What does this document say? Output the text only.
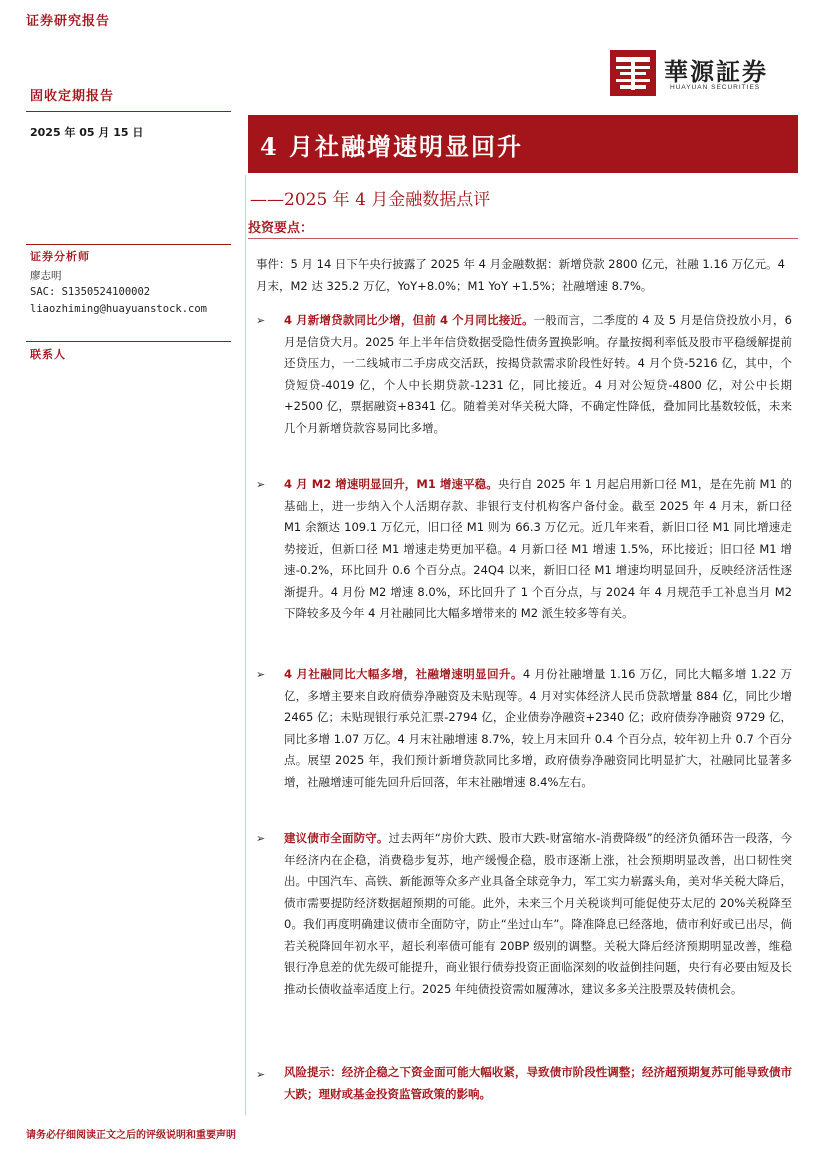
证券研究报告
華源証券
HUAYUAN SECURITIES
固收定期报告
2025 年 05 月 15 日	4 月社融增速明显回升
——2025 年 4 月金融数据点评
投资要点：
证券分析师
廖志明
SAC: S1350524100002
liaozhiming@huayuanstock.com
联系人
事件：5 月 14 日下午央行披露了 2025 年 4 月金融数据：新增贷款 2800 亿元，社融 1.16 万亿元。4 月末，M2 达 325.2 万亿，YoY+8.0%；M1 YoY +1.5%；社融增速 8.7%。
➢ 4 月新增贷款同比少增，但前 4 个月同比接近。一般而言，二季度的 4 及 5 月是信贷投放小月，6 月是信贷大月。2025 年上半年信贷数据受隐性债务置换影响。存量按揭利率低及股市平稳缓解提前还贷压力，一二线城市二手房成交活跃，按揭贷款需求阶段性好转。4 月个贷-5216 亿，其中，个贷短贷-4019 亿，个人中长期贷款-1231 亿，同比接近。4 月对公短贷-4800 亿，对公中长期+2500 亿，票据融资+8341 亿。随着美对华关税大降，不确定性降低，叠加同比基数较低，未来几个月新增贷款容易同比多增。
➢ 4 月 M2 增速明显回升，M1 增速平稳。央行自 2025 年 1 月起启用新口径 M1，是在先前 M1 的基础上，进一步纳入个人活期存款、非银行支付机构客户备付金。截至 2025 年 4 月末，新口径 M1 余额达 109.1 万亿元，旧口径 M1 则为 66.3 万亿元。近几年来看，新旧口径 M1 同比增速走势接近，但新口径 M1 增速走势更加平稳。4 月新口径 M1 增速 1.5%，环比接近；旧口径 M1 增速-0.2%，环比回升 0.6 个百分点。24Q4 以来，新旧口径 M1 增速均明显回升，反映经济活性逐渐提升。4 月份 M2 增速 8.0%，环比回升了 1 个百分点，与 2024 年 4 月规范手工补息当月 M2 下降较多及今年 4 月社融同比大幅多增带来的 M2 派生较多等有关。
➢ 4 月社融同比大幅多增，社融增速明显回升。4 月份社融增量 1.16 万亿，同比大幅多增 1.22 万亿，多增主要来自政府债券净融资及未贴现等。4 月对实体经济人民币贷款增量 884 亿，同比少增 2465 亿；未贴现银行承兑汇票-2794 亿，企业债券净融资+2340 亿；政府债券净融资 9729 亿，同比多增 1.07 万亿。4 月末社融增速 8.7%，较上月末回升 0.4 个百分点，较年初上升 0.7 个百分点。展望 2025 年，我们预计新增贷款同比多增，政府债券净融资同比明显扩大，社融同比显著多增，社融增速可能先回升后回落，年末社融增速 8.4%左右。
➢ 建议债市全面防守。过去两年“房价大跌、股市大跌-财富缩水-消费降级”的经济负循环告一段落，今年经济内在企稳，消费稳步复苏，地产缓慢企稳，股市逐渐上涨，社会预期明显改善，出口韧性突出。中国汽车、高铁、新能源等众多产业具备全球竞争力，军工实力崭露头角，美对华关税大降后，债市需要提防经济数据超预期的可能。此外，未来三个月关税谈判可能促使芬太尼的 20%关税降至 0。我们再度明确建议债市全面防守，防止“坐过山车”。降准降息已经落地，债市利好或已出尽，倘若关税降回年初水平，超长利率债可能有 20BP 级别的调整。关税大降后经济预期明显改善，维稳银行净息差的优先级可能提升，商业银行债券投资正面临深刻的收益倒挂问题，央行有必要由短及长推动长债收益率适度上行。2025 年纯债投资需如履薄冰，建议多多关注股票及转债机会。
➢ 风险提示：经济企稳之下资金面可能大幅收紧，导致债市阶段性调整；经济超预期复苏可能导致债市大跌；理财或基金投资监管政策的影响。
请务必仔细阅读正文之后的评级说明和重要声明
